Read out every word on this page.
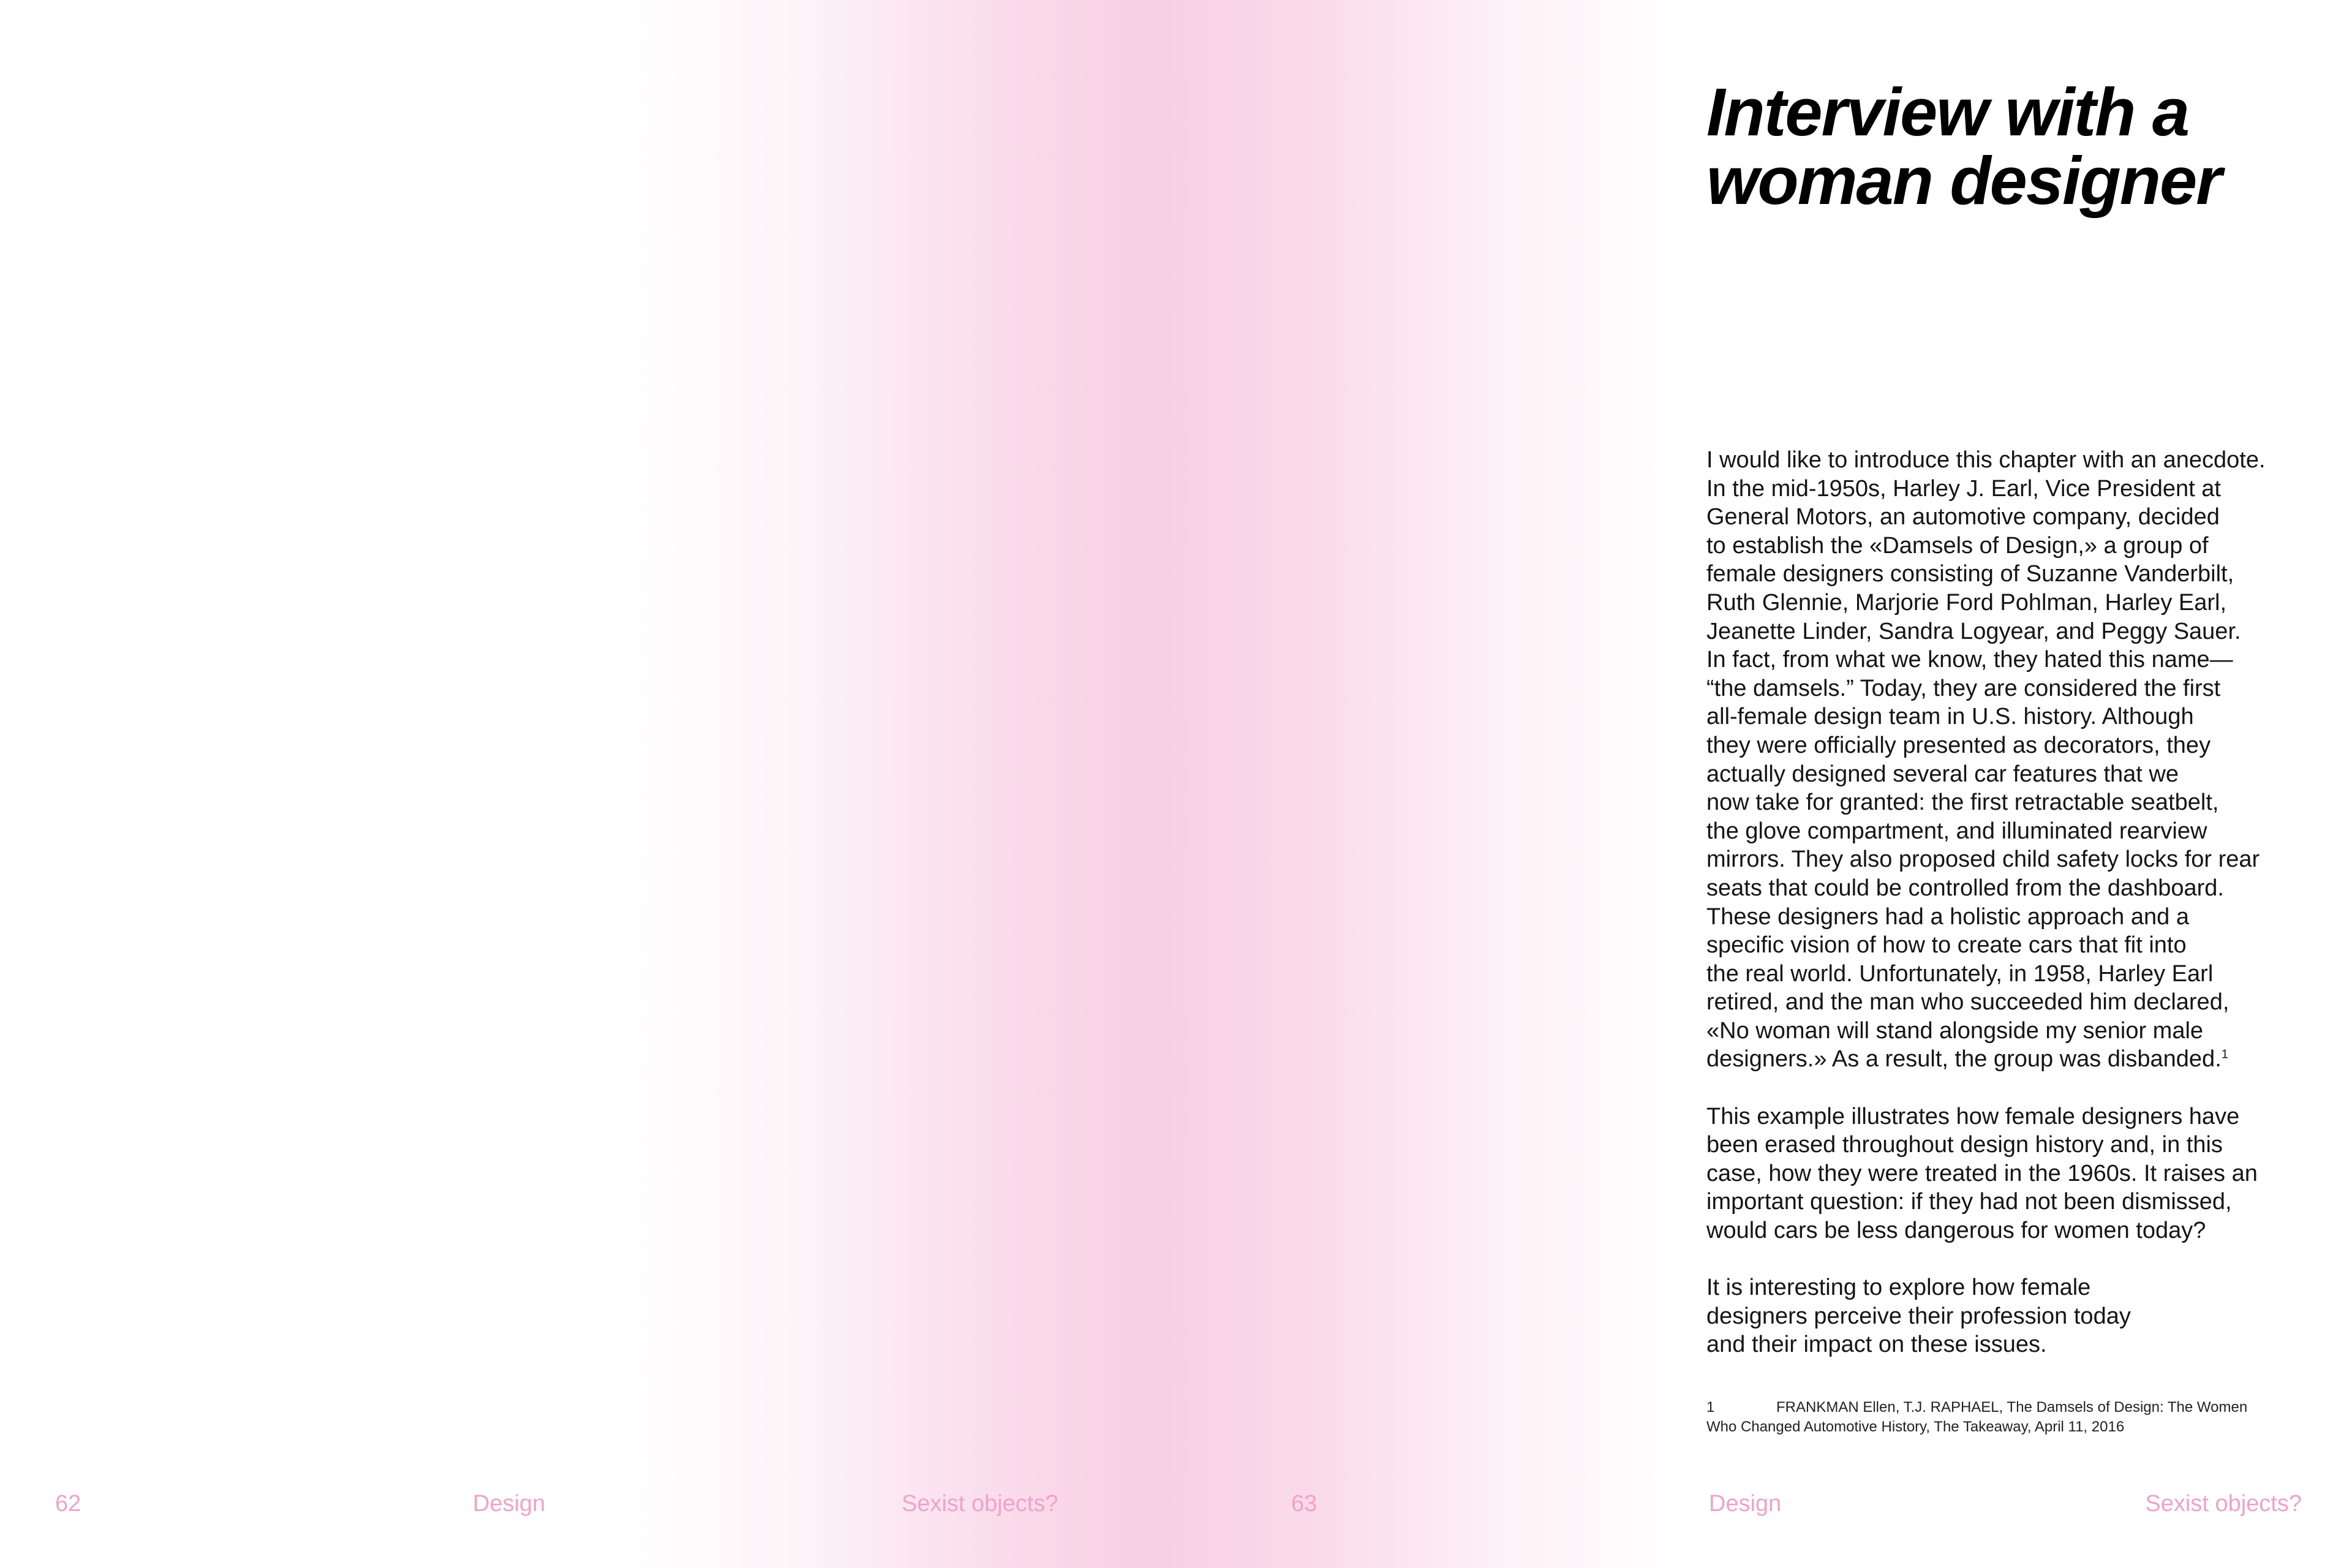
Interview with a
woman designer

I would like to introduce this chapter with an anecdote.
In the mid-1950s, Harley J. Earl, Vice President at
General Motors, an automotive company, decided
to establish the «Damsels of Design,» a group of
female designers consisting of Suzanne Vanderbilt,
Ruth Glennie, Marjorie Ford Pohlman, Harley Earl,
Jeanette Linder, Sandra Logyear, and Peggy Sauer.
In fact, from what we know, they hated this name—
“the damsels.” Today, they are considered the first
all-female design team in U.S. history. Although
they were officially presented as decorators, they
actually designed several car features that we
now take for granted: the first retractable seatbelt,
the glove compartment, and illuminated rearview
mirrors. They also proposed child safety locks for rear
seats that could be controlled from the dashboard.
These designers had a holistic approach and a
specific vision of how to create cars that fit into
the real world. Unfortunately, in 1958, Harley Earl
retired, and the man who succeeded him declared,
«No woman will stand alongside my senior male
designers.» As a result, the group was disbanded.$^1$

This example illustrates how female designers have
been erased throughout design history and, in this
case, how they were treated in the 1960s. It raises an
important question: if they had not been dismissed,
would cars be less dangerous for women today?

It is interesting to explore how female
designers perceive their profession today
and their impact on these issues.

1	FRANKMAN Ellen, T.J. RAPHAEL, The Damsels of Design: The Women
Who Changed Automotive History, The Takeaway, April 11, 2016
62	Design	Sexist objects?	63	Design	Sexist objects?
